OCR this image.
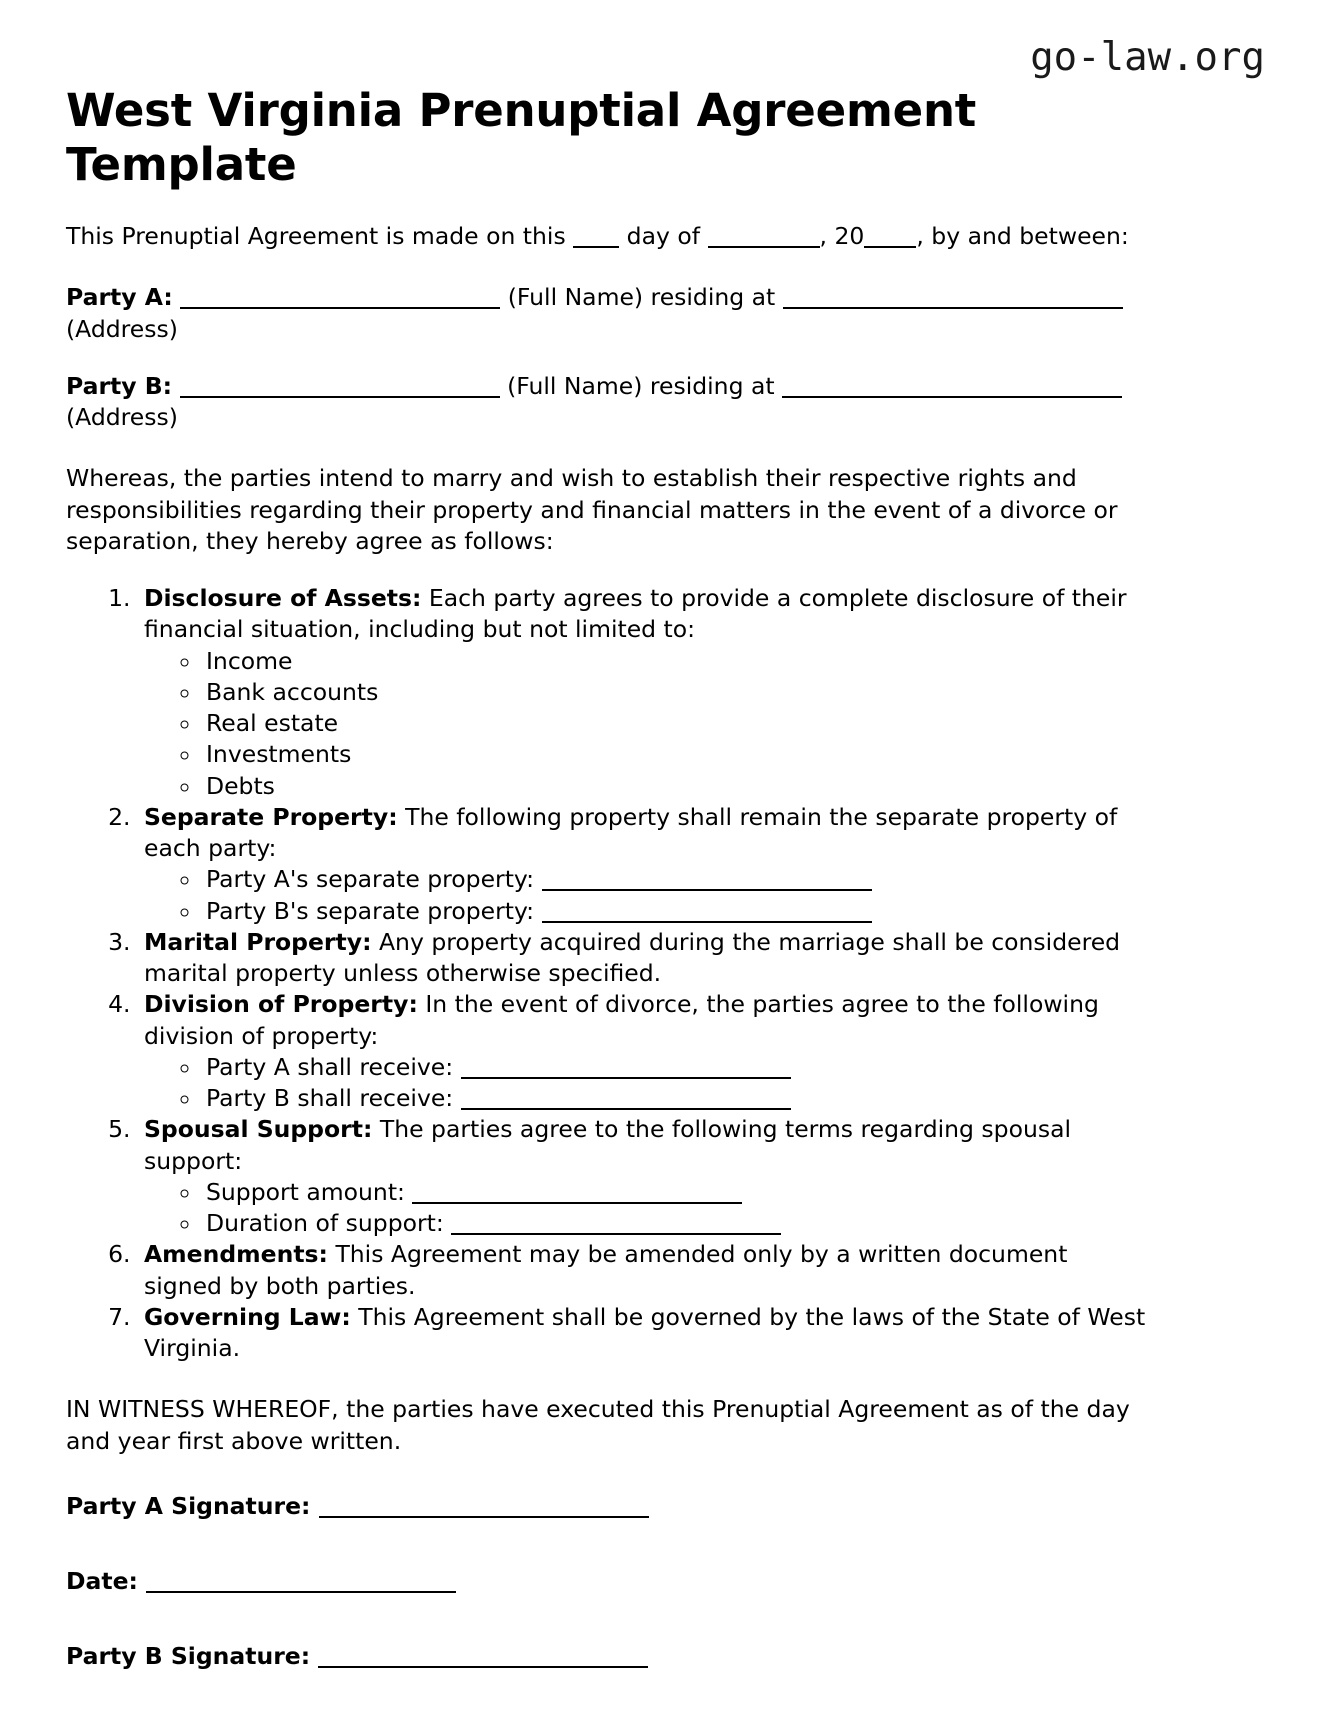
go-law.org
West Virginia Prenuptial Agreement Template

This Prenuptial Agreement is made on this	day of	, 20 , by and between:

Party A:	(Full Name) residing at  (Address)

Party B:	(Full Name) residing at  (Address)

Whereas, the parties intend to marry and wish to establish their respective rights and responsibilities regarding their property and financial matters in the event of a divorce or separation, they hereby agree as follows:

1. Disclosure of Assets: Each party agrees to provide a complete disclosure of their financial situation, including but not limited to:
◦ Income
◦ Bank accounts
◦ Real estate
◦ Investments
◦ Debts
2. Separate Property: The following property shall remain the separate property of each party:
◦ Party A's separate property:
◦ Party B's separate property:
3. Marital Property: Any property acquired during the marriage shall be considered marital property unless otherwise specified.
4. Division of Property: In the event of divorce, the parties agree to the following division of property:
◦ Party A shall receive:
◦ Party B shall receive:
5. Spousal Support: The parties agree to the following terms regarding spousal support:
◦ Support amount:
◦ Duration of support:
6. Amendments: This Agreement may be amended only by a written document signed by both parties.
7. Governing Law: This Agreement shall be governed by the laws of the State of West Virginia.

IN WITNESS WHEREOF, the parties have executed this Prenuptial Agreement as of the day and year first above written.

Party A Signature:

Date:

Party B Signature:
